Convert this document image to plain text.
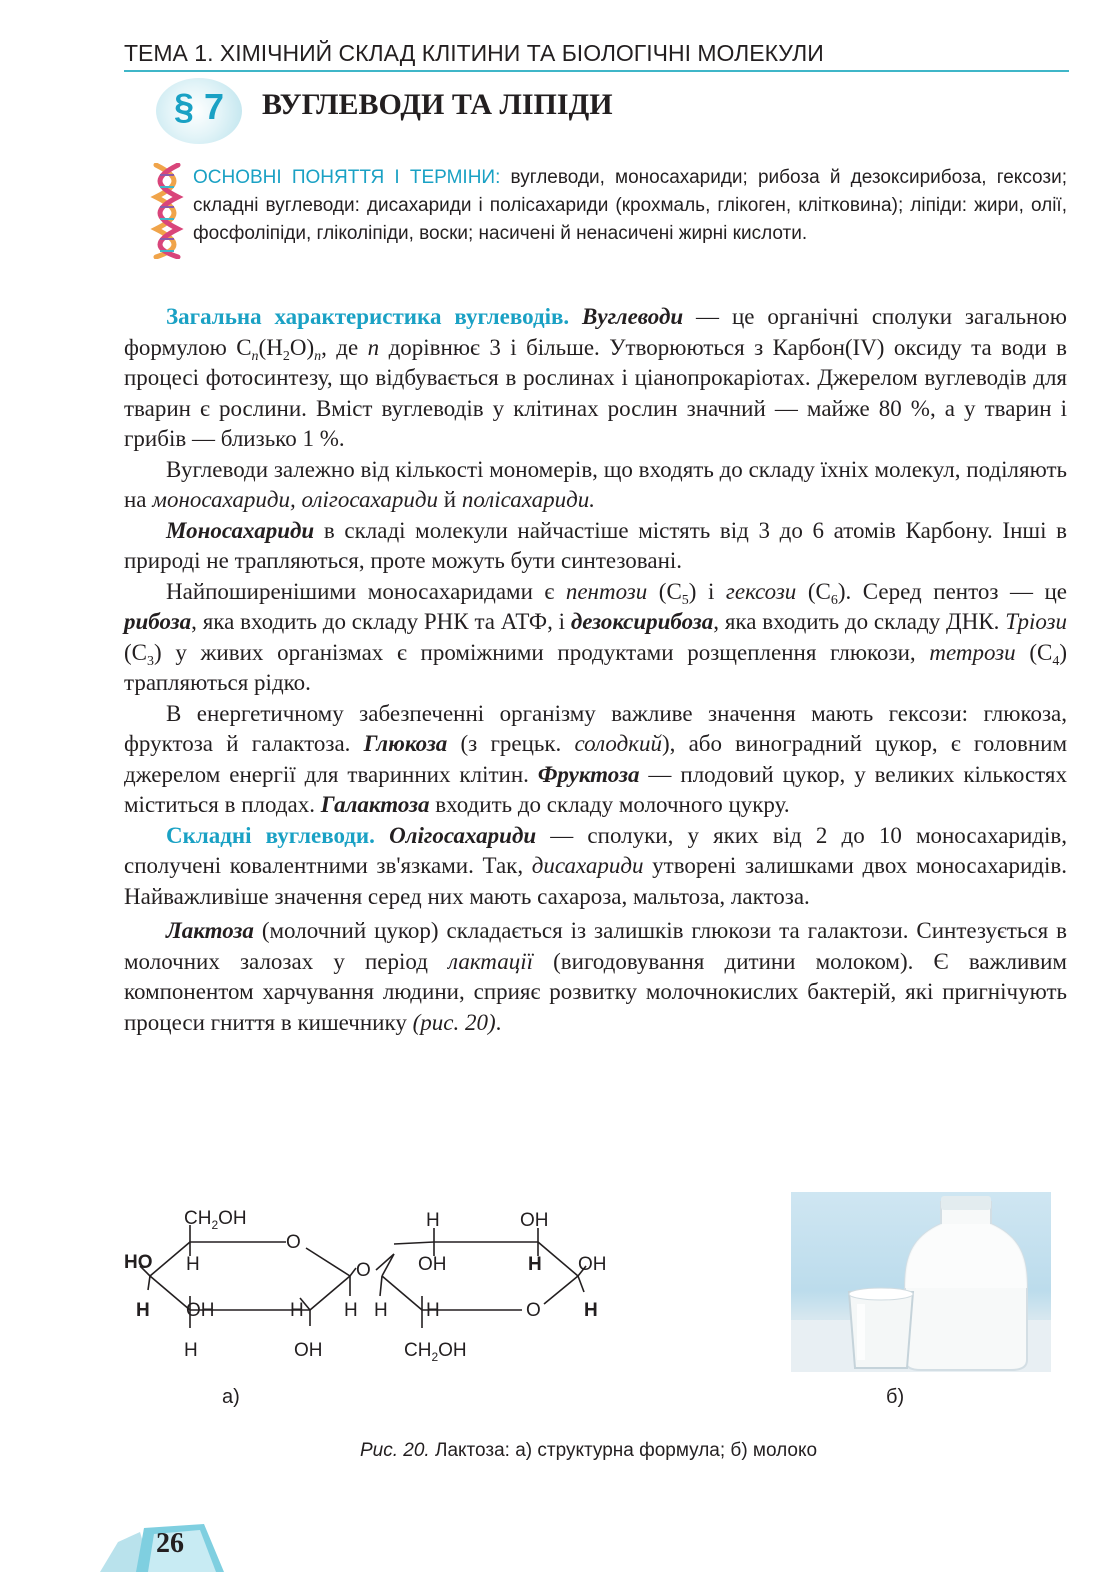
ТЕМА 1. ХІМІЧНИЙ СКЛАД КЛІТИНИ ТА БІОЛОГІЧНІ МОЛЕКУЛИ
§ 7	ВУГЛЕВОДИ ТА ЛІПІДИ
ОСНОВНІ ПОНЯТТЯ І ТЕРМІНИ: вуглеводи, моносахариди; рибоза й дезоксирибоза, гексози; складні вуглеводи: дисахариди і полісахариди (крохмаль, глікоген, клітковина); ліпіди: жири, олії, фосфоліпіди, гліколіпіди, воски; насичені й ненасичені жирні кислоти.

Загальна характеристика вуглеводів. Вуглеводи — це органічні сполуки загальною формулою $C_n(H_2O)_n$, де n дорівнює 3 і більше. Утворюються з Карбон(IV) оксиду та води в процесі фотосинтезу, що відбувається в рослинах і ціанопрокаріотах. Джерелом вуглеводів для тварин є рослини. Вміст вуглеводів у клітинах рослин значний — майже 80 %, а у тварин і грибів — близько 1 %.

Вуглеводи залежно від кількості мономерів, що входять до складу їхніх молекул, поділяють на моносахариди, олігосахариди й полісахариди.

Моносахариди в складі молекули найчастіше містять від 3 до 6 атомів Карбону. Інші в природі не трапляються, проте можуть бути синтезовані.

Найпоширенішими моносахаридами є пентози $(C_5)$ і гексози $(C_6)$. Серед пентоз — це рибоза, яка входить до складу РНК та АТФ, і дезоксирибоза, яка входить до складу ДНК. Тріози $(C_3)$ у живих організмах є проміжними продуктами розщеплення глюкози, тетрози $(C_4)$ трапляються рідко.

В енергетичному забезпеченні організму важливе значення мають гексози: глюкоза, фруктоза й галактоза. Глюкоза (з грецьк. солодкий), або виноградний цукор, є головним джерелом енергії для тваринних клітин. Фруктоза — плодовий цукор, у великих кількостях міститься в плодах. Галактоза входить до складу молочного цукру.

Складні вуглеводи. Олігосахариди — сполуки, у яких від 2 до 10 моносахаридів, сполучені ковалентними зв'язками. Так, дисахариди утворені залишками двох моносахаридів. Найважливіше значення серед них мають сахароза, мальтоза, лактоза.

Лактоза (молочний цукор) складається із залишків глюкози та галактози. Синтезується в молочних залозах у період лактації (вигодовування дитини молоком). Є важливим компонентом харчування людини, сприяє розвитку молочнокислих бактерій, які пригнічують процеси гниття в кишечнику (рис. 20).

$CH_2OH$
HO
H
H
O
OH	H
H	OH
H
O
H
H	OH
OH	H OH
H
H	O
$CH_2OH$
а)	б)
Рис. 20. Лактоза: а) структурна формула; б) молоко
26
